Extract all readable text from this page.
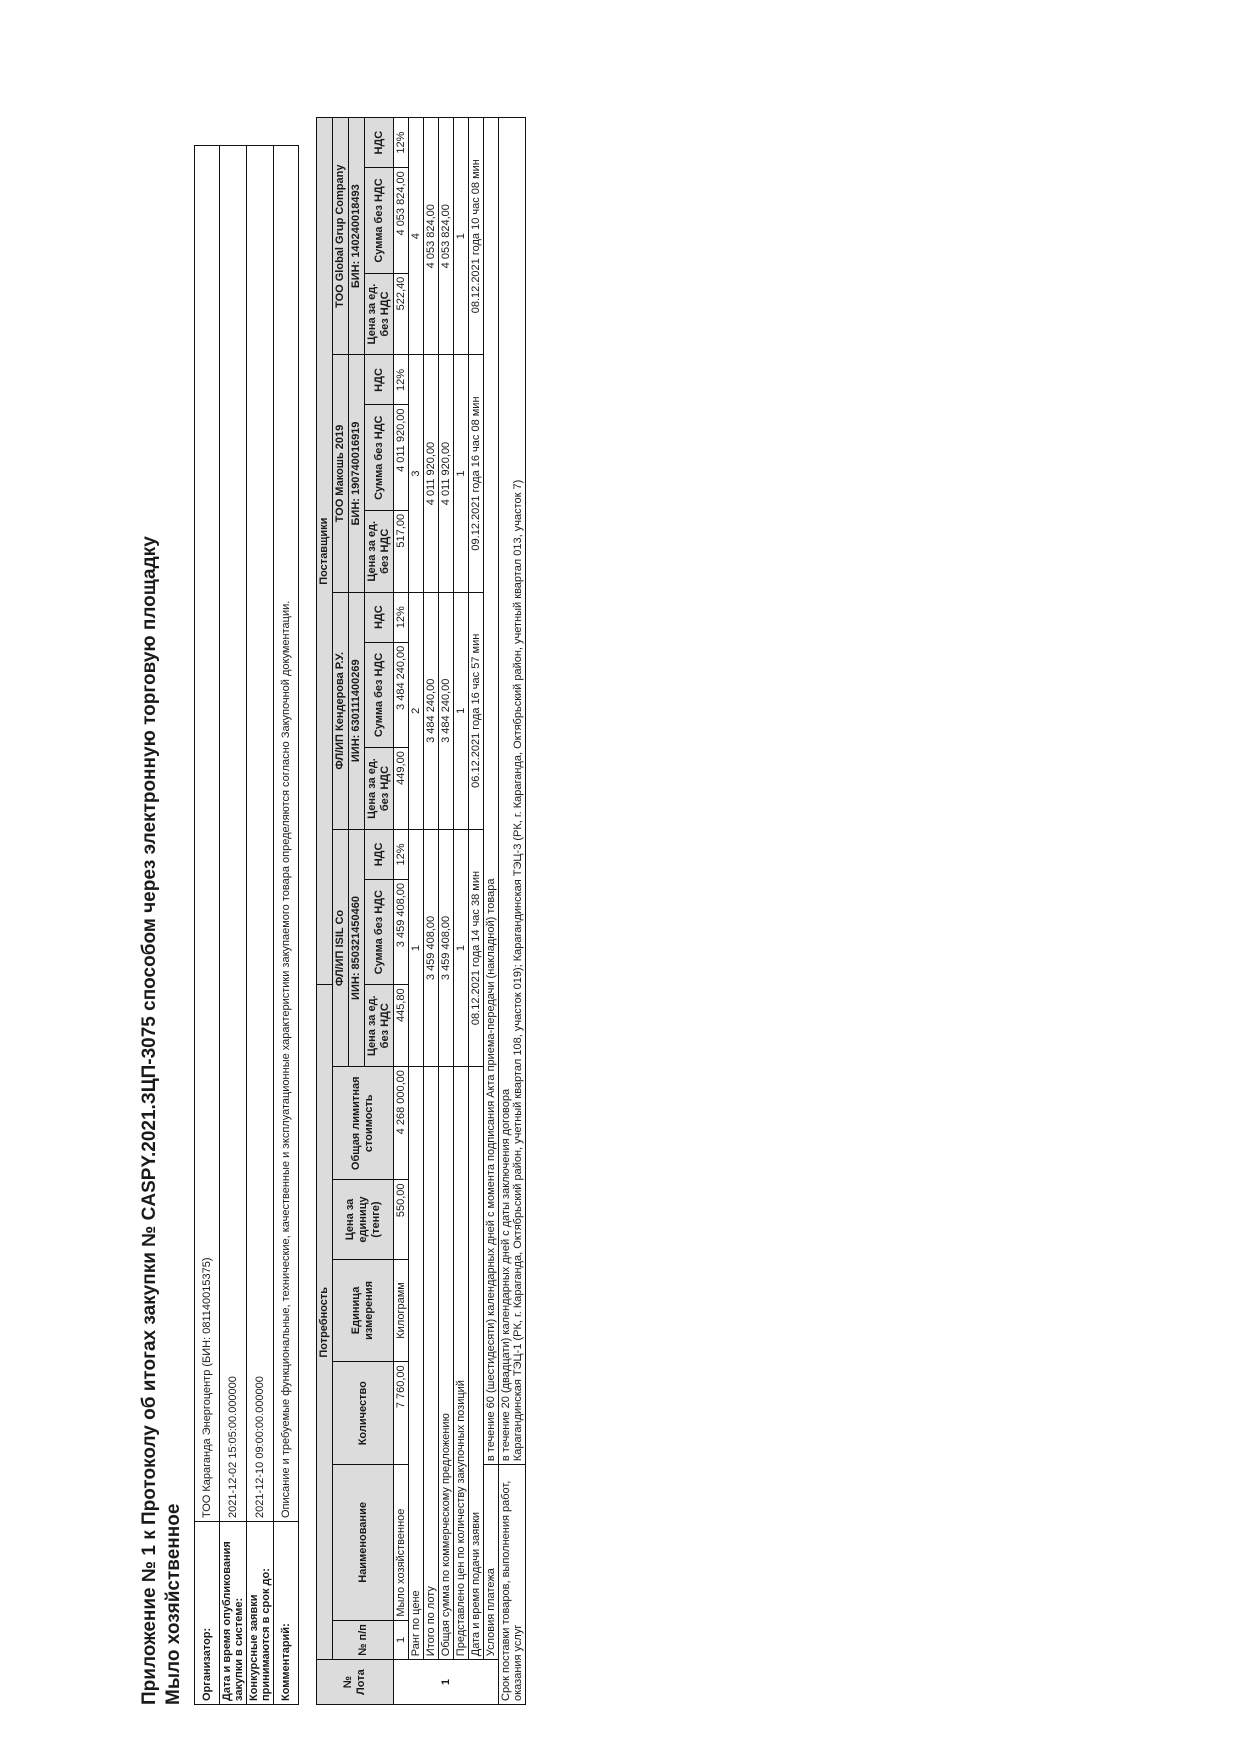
Приложение № 1 к Протоколу об итогах закупки № CASPY.2021.ЗЦП-3075 способом через электронную торговую площадку Мыло хозяйственное Организатор:	ТОО Караганда Энергоцентр (БИН: 081140015375)
Дата и время опубликования закупки в системе:	2021-12-02 15:05:00.000000
Конкурсные заявки принимаются в срок до:	2021-12-10 09:00:00.000000
Комментарий:	Описание и требуемые функциональные, технические, качественные и эксплуатационные характеристики закупаемого товара определяются согласно Закупочной документации.
№ Лота	Потребность							Поставщики										
	№ п/п	Наименование	Количество	Единица измерения	Цена за единицу (тенге)	Общая лимитная стоимость	ФЛ/ИП ISIL Co			ФЛ/ИП Кендерова Р.У.			ТОО Макошь 2019			ТОО Global Grup Company		
							ИИН: 850321450460			ИИН: 630111400269			БИН: 190740016919			БИН: 140240018493		
							Цена за ед. без НДС	Сумма без НДС	НДС	Цена за ед. без НДС	Сумма без НДС	НДС	Цена за ед. без НДС	Сумма без НДС	НДС	Цена за ед. без НДС	Сумма без НДС	НДС
1	1	Мыло хозяйственное	7 760,00	Килограмм	550,00	4 268 000,00	445,80	3 459 408,00	12%	449,00	3 484 240,00	12%	517,00	4 011 920,00	12%	522,40	4 053 824,00	12%
	Ранг по цене						1			2			3			4		
	Итого по лоту						3 459 408,00			3 484 240,00			4 011 920,00			4 053 824,00		
	Общая сумма по коммерческому предложению						3 459 408,00			3 484 240,00			4 011 920,00			4 053 824,00		
	Представлено цен по количеству закупочных позиций						1			1			1			1		
	Дата и время подачи заявки						08.12.2021 года 14 час 38 мин			06.12.2021 года 16 час 57 мин			09.12.2021 года 16 час 08 мин			08.12.2021 года 10 час 08 мин		
	Условия платежа		в течение 60 (шестидесяти) календарных дней с момента подписания Акта приема-передачи (накладной) товара															
Срок поставки товаров, выполнения работ, оказания услуг			в течение 20 (двадцати) календарных дней с даты заключения договора Карагандинская ТЭЦ-1 (РК, г. Караганда, Октябрьский район, учетный квартал 108, участок 019); Карагандинская ТЭЦ-3 (РК, г. Караганда, Октябрьский район, учетный квартал 013, участок 7)															
